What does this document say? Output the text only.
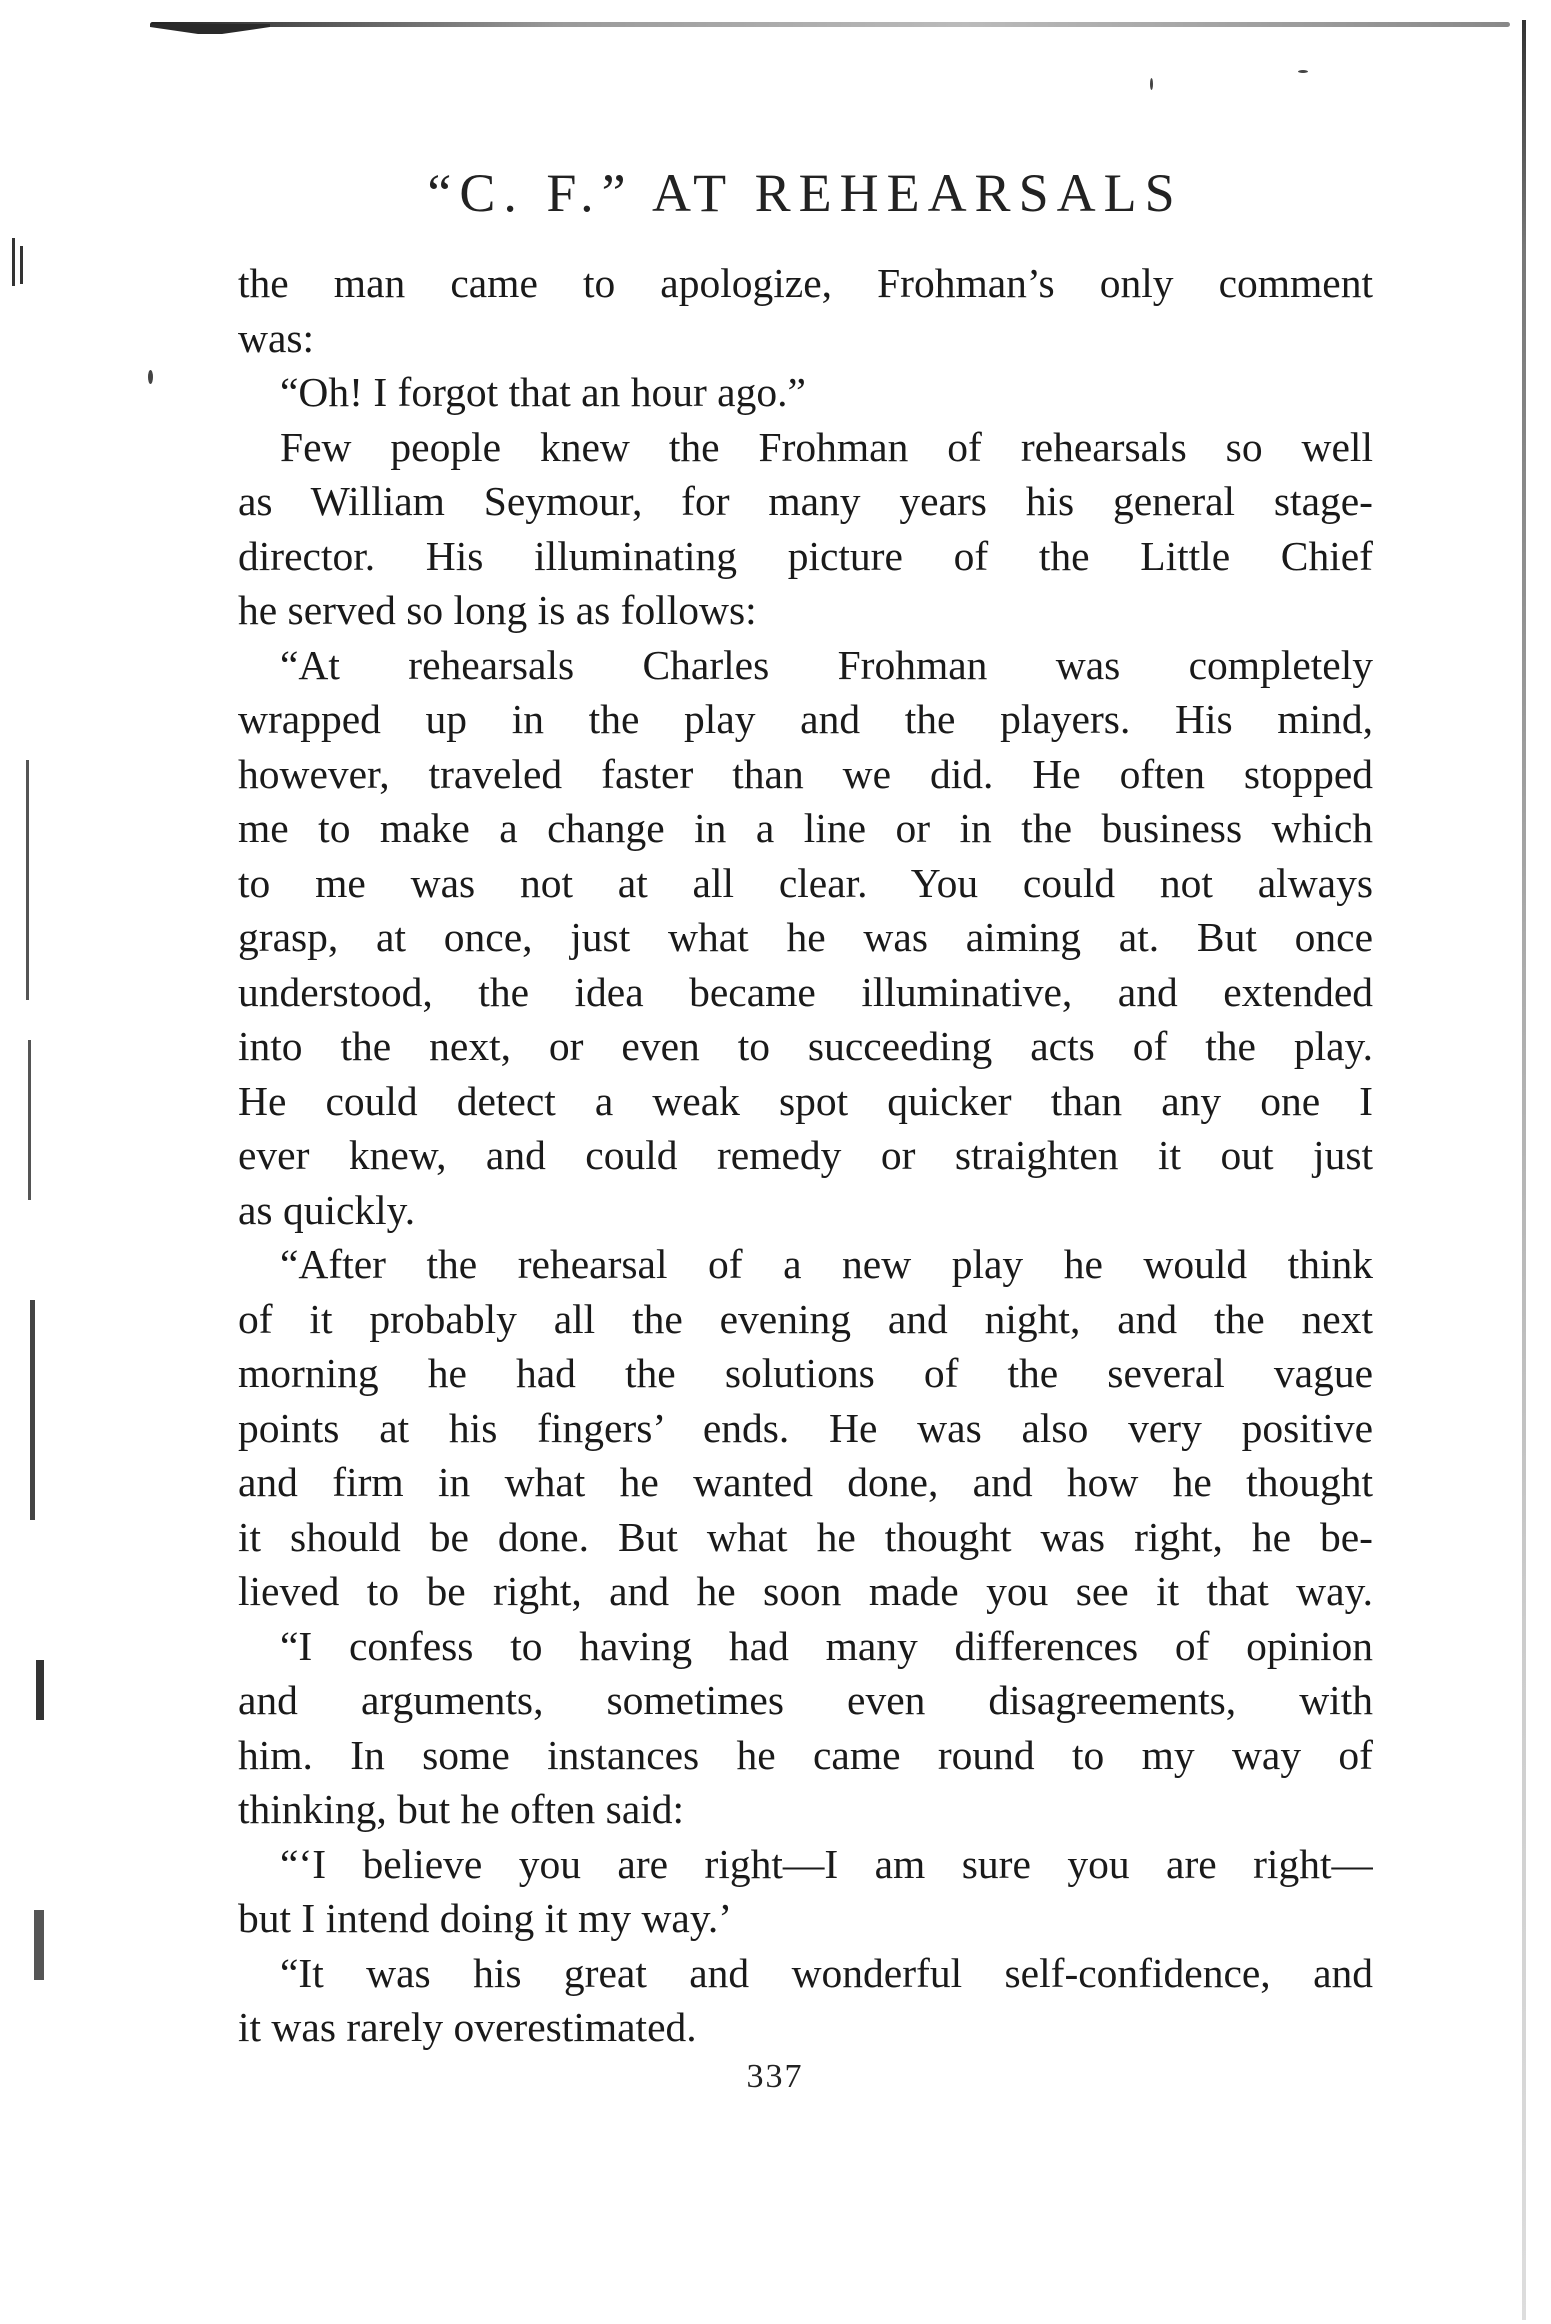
“C. F.” AT REHEARSALS
the man came to apologize, Frohman’s only comment
was:
“Oh! I forgot that an hour ago.”
Few people knew the Frohman of rehearsals so well
as William Seymour, for many years his general stage-
director. His illuminating picture of the Little Chief
he served so long is as follows:
“At rehearsals Charles Frohman was completely
wrapped up in the play and the players. His mind,
however, traveled faster than we did. He often stopped
me to make a change in a line or in the business which
to me was not at all clear. You could not always
grasp, at once, just what he was aiming at. But once
understood, the idea became illuminative, and extended
into the next, or even to succeeding acts of the play.
He could detect a weak spot quicker than any one I
ever knew, and could remedy or straighten it out just
as quickly.
“After the rehearsal of a new play he would think
of it probably all the evening and night, and the next
morning he had the solutions of the several vague
points at his fingers’ ends. He was also very positive
and firm in what he wanted done, and how he thought
it should be done. But what he thought was right, he be-
lieved to be right, and he soon made you see it that way.
“I confess to having had many differences of opinion
and arguments, sometimes even disagreements, with
him. In some instances he came round to my way of
thinking, but he often said:
“‘I believe you are right—I am sure you are right—
but I intend doing it my way.’
“It was his great and wonderful self-confidence, and
it was rarely overestimated.
337
